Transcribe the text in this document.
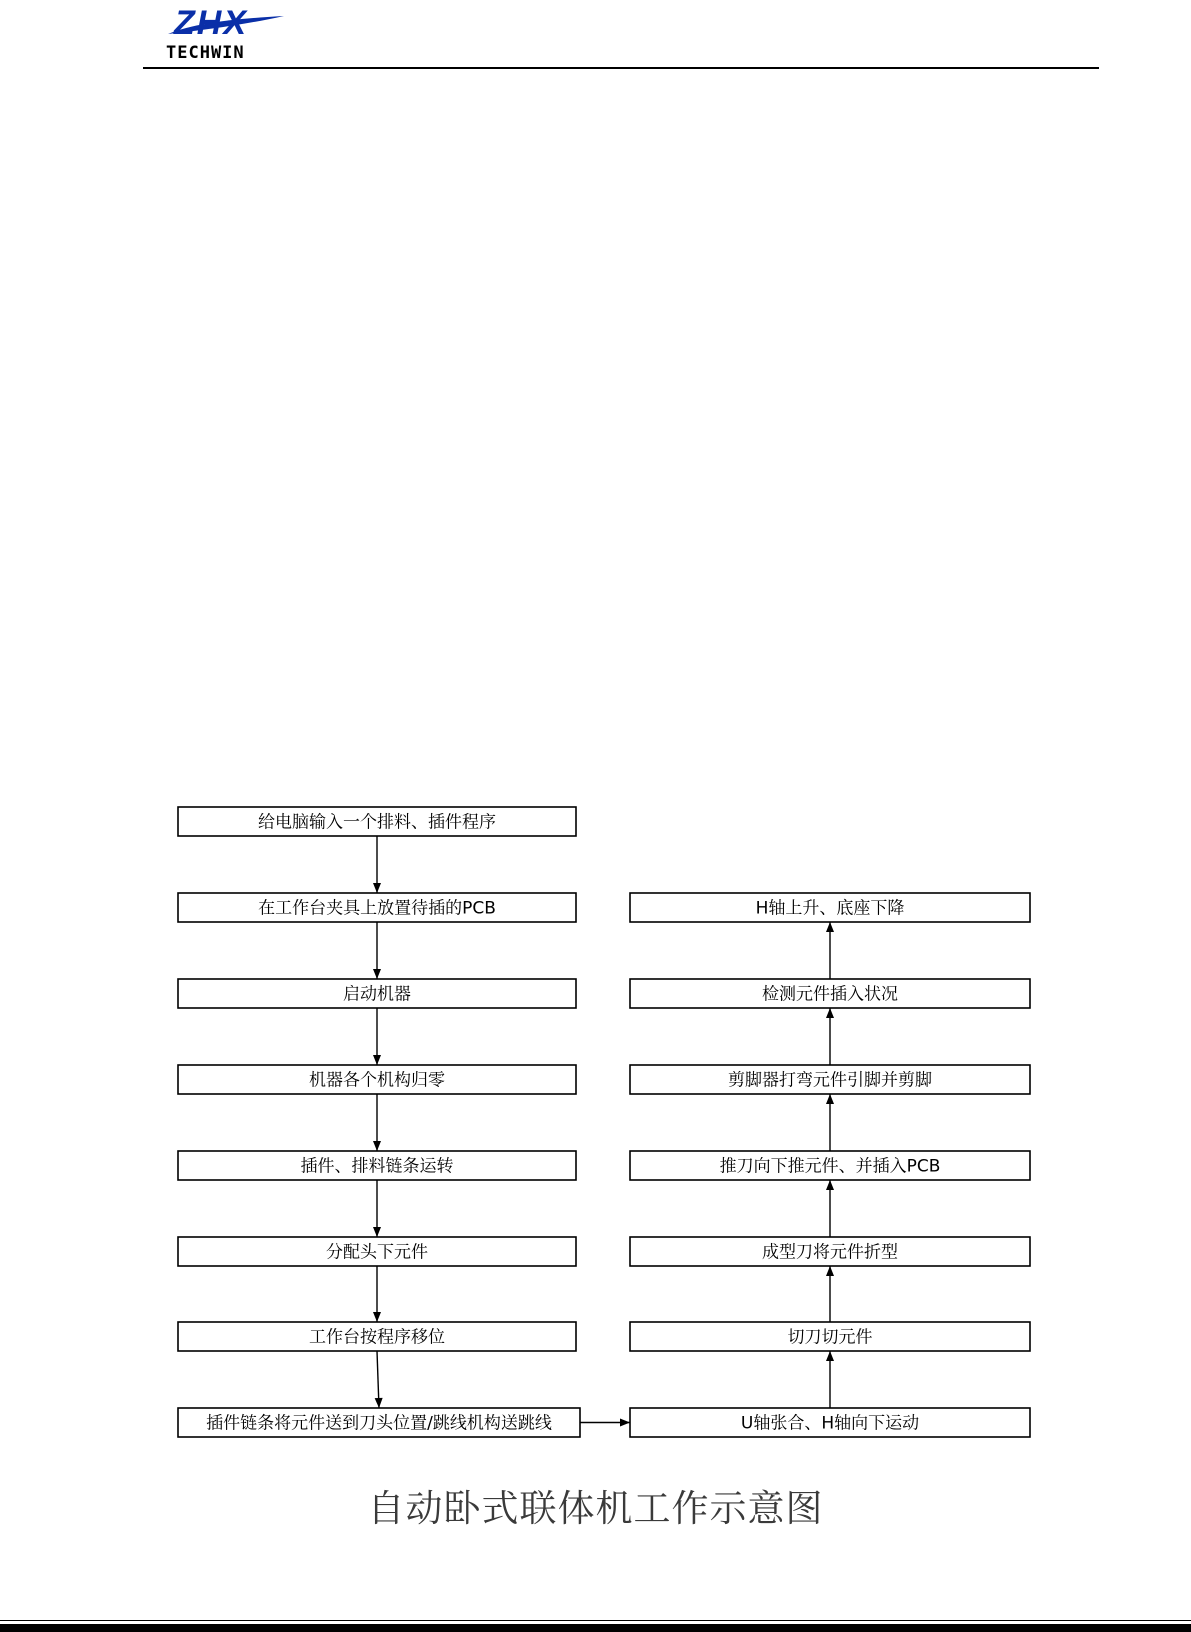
ZHX
TECHWIN
给电脑输入一个排料、插件程序
在工作台夹具上放置待插的PCB
启动机器
机器各个机构归零
插件、排料链条运转
分配头下元件
工作台按程序移位
插件链条将元件送到刀头位置/跳线机构送跳线	U轴张合、H轴向下运动
切刀切元件
成型刀将元件折型
推刀向下推元件、并插入PCB
剪脚器打弯元件引脚并剪脚
检测元件插入状况
H轴上升、底座下降
自动卧式联体机工作示意图
